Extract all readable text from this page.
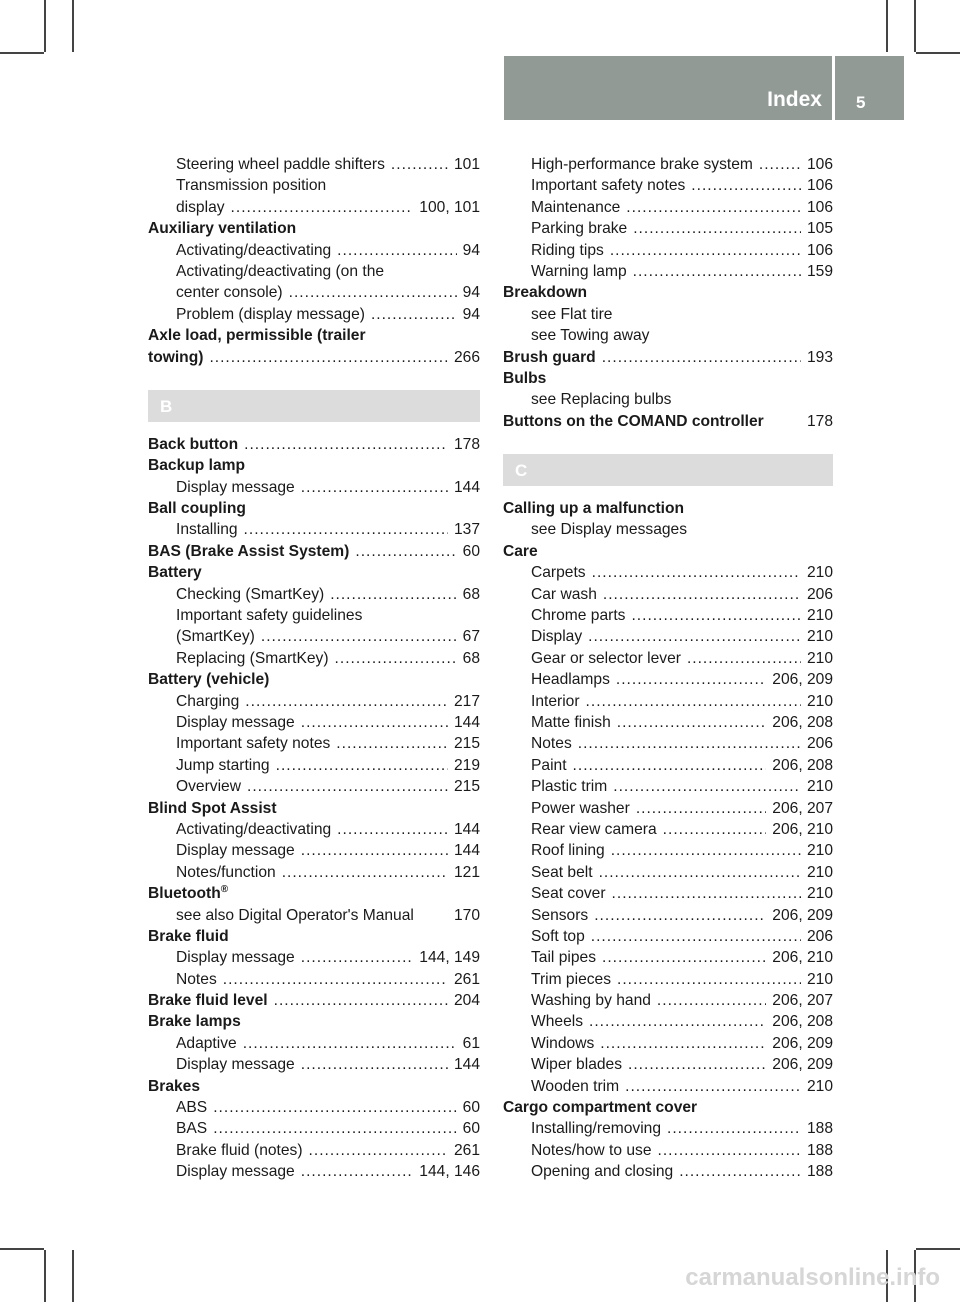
Index 5
Steering wheel paddle shifters .....	101
Transmission position
display .....	100, 101
Auxiliary ventilation
Activating/deactivating .....	94
Activating/deactivating (on the
center console) .....	94
Problem (display message) .....	94
Axle load, permissible (trailer
towing) .....	266
B
Back button .....	178
Backup lamp
Display message .....	144
Ball coupling
Installing .....	137
BAS (Brake Assist System) .....	60
Battery
Checking (SmartKey) .....	68
Important safety guidelines
(SmartKey) .....	67
Replacing (SmartKey) .....	68
Battery (vehicle)
Charging .....	217
Display message .....	144
Important safety notes .....	215
Jump starting .....	219
Overview .....	215
Blind Spot Assist
Activating/deactivating .....	144
Display message .....	144
Notes/function .....	121
Bluetooth®
see also Digital Operator's Manual	170
Brake fluid
Display message .....	144, 149
Notes .....	261
Brake fluid level .....	204
Brake lamps
Adaptive .....	61
Display message .....	144
Brakes
ABS .....	60
BAS .....	60
Brake fluid (notes) .....	261
Display message .....	144, 146
High-performance brake system .....	106
Important safety notes .....	106
Maintenance .....	106
Parking brake .....	105
Riding tips .....	106
Warning lamp .....	159
Breakdown
see Flat tire
see Towing away
Brush guard .....	193
Bulbs
see Replacing bulbs
Buttons on the COMAND controller	178
C
Calling up a malfunction
see Display messages
Care
Carpets .....	210
Car wash .....	206
Chrome parts .....	210
Display .....	210
Gear or selector lever .....	210
Headlamps .....	206, 209
Interior .....	210
Matte finish .....	206, 208
Notes .....	206
Paint .....	206, 208
Plastic trim .....	210
Power washer .....	206, 207
Rear view camera .....	206, 210
Roof lining .....	210
Seat belt .....	210
Seat cover .....	210
Sensors .....	206, 209
Soft top .....	206
Tail pipes .....	206, 210
Trim pieces .....	210
Washing by hand .....	206, 207
Wheels .....	206, 208
Windows .....	206, 209
Wiper blades .....	206, 209
Wooden trim .....	210
Cargo compartment cover
Installing/removing .....	188
Notes/how to use .....	188
Opening and closing .....	188
carmanualsonline.info
